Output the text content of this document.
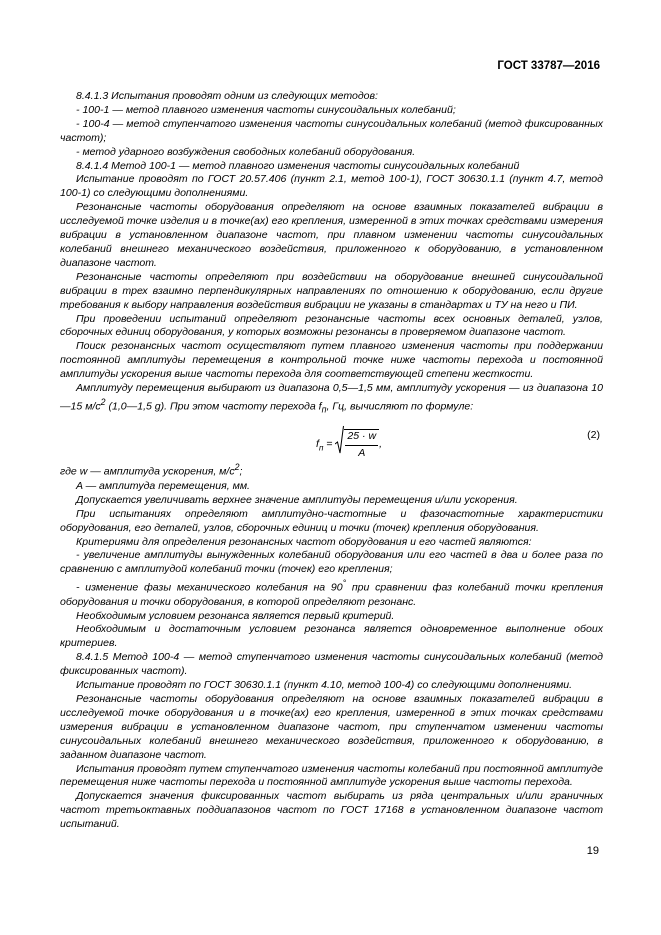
ГОСТ 33787—2016

8.4.1.3 Испытания проводят одним из следующих методов:

- 100-1 — метод плавного изменения частоты синусоидальных колебаний;

- 100-4 — метод ступенчатого изменения частоты синусоидальных колебаний (метод фиксированных частот);

- метод ударного возбуждения свободных колебаний оборудования.

8.4.1.4 Метод 100-1 — метод плавного изменения частоты синусоидальных колебаний

Испытание проводят по ГОСТ 20.57.406 (пункт 2.1, метод 100-1), ГОСТ 30630.1.1 (пункт 4.7, метод 100-1) со следующими дополнениями.

Резонансные частоты оборудования определяют на основе взаимных показателей вибрации в исследуемой точке изделия и в точке(ах) его крепления, измеренной в этих точках средствами измерения вибрации в установленном диапазоне частот, при плавном изменении частоты синусоидальных колебаний внешнего механического воздействия, приложенного к оборудованию, в установленном диапазоне частот.

Резонансные частоты определяют при воздействии на оборудование внешней синусоидальной вибрации в трех взаимно перпендикулярных направлениях по отношению к оборудованию, если другие требования к выбору направления воздействия вибрации не указаны в стандартах и ТУ на него и ПИ.

При проведении испытаний определяют резонансные частоты всех основных деталей, узлов, сборочных единиц оборудования, у которых возможны резонансы в проверяемом диапазоне частот.

Поиск резонансных частот осуществляют путем плавного изменения частоты при поддержании постоянной амплитуды перемещения в контрольной точке ниже частоты перехода и постоянной амплитуды ускорения выше частоты перехода для соответствующей степени жесткости.

Амплитуду перемещения выбирают из диапазона 0,5—1,5 мм, амплитуду ускорения — из диапазона 10—15 $м/с^2$ (1,0—1,5 g). При этом частоту перехода $f_п$, Гц, вычисляют по формуле:

$f_п = \frac{25 \cdot w}{A}$ ,
(2)

где w — амплитуда ускорения, $м/с^2$;

A — амплитуда перемещения, мм.

Допускается увеличивать верхнее значение амплитуды перемещения и/или ускорения.

При испытаниях определяют амплитудно-частотные и фазочастотные характеристики оборудования, его деталей, узлов, сборочных единиц и точки (точек) крепления оборудования.

Критериями для определения резонансных частот оборудования и его частей являются:

- увеличение амплитуды вынужденных колебаний оборудования или его частей в два и более раза по сравнению с амплитудой колебаний точки (точек) его крепления;

- изменение фазы механического колебания на 90° при сравнении фаз колебаний точки крепления оборудования и точки оборудования, в которой определяют резонанс.

Необходимым условием резонанса является первый критерий.

Необходимым и достаточным условием резонанса является одновременное выполнение обоих критериев.

8.4.1.5 Метод 100-4 — метод ступенчатого изменения частоты синусоидальных колебаний (метод фиксированных частот).

Испытание проводят по ГОСТ 30630.1.1 (пункт 4.10, метод 100-4) со следующими дополнениями.

Резонансные частоты оборудования определяют на основе взаимных показателей вибрации в исследуемой точке оборудования и в точке(ах) его крепления, измеренной в этих точках средствами измерения вибрации в установленном диапазоне частот, при ступенчатом изменении частоты синусоидальных колебаний внешнего механического воздействия, приложенного к оборудованию, в заданном диапазоне частот.

Испытания проводят путем ступенчатого изменения частоты колебаний при постоянной амплитуде перемещения ниже частоты перехода и постоянной амплитуде ускорения выше частоты перехода.

Допускается значения фиксированных частот выбирать из ряда центральных и/или граничных частот третьоктавных поддиапазонов частот по ГОСТ 17168 в установленном диапазоне частот испытаний.

19
